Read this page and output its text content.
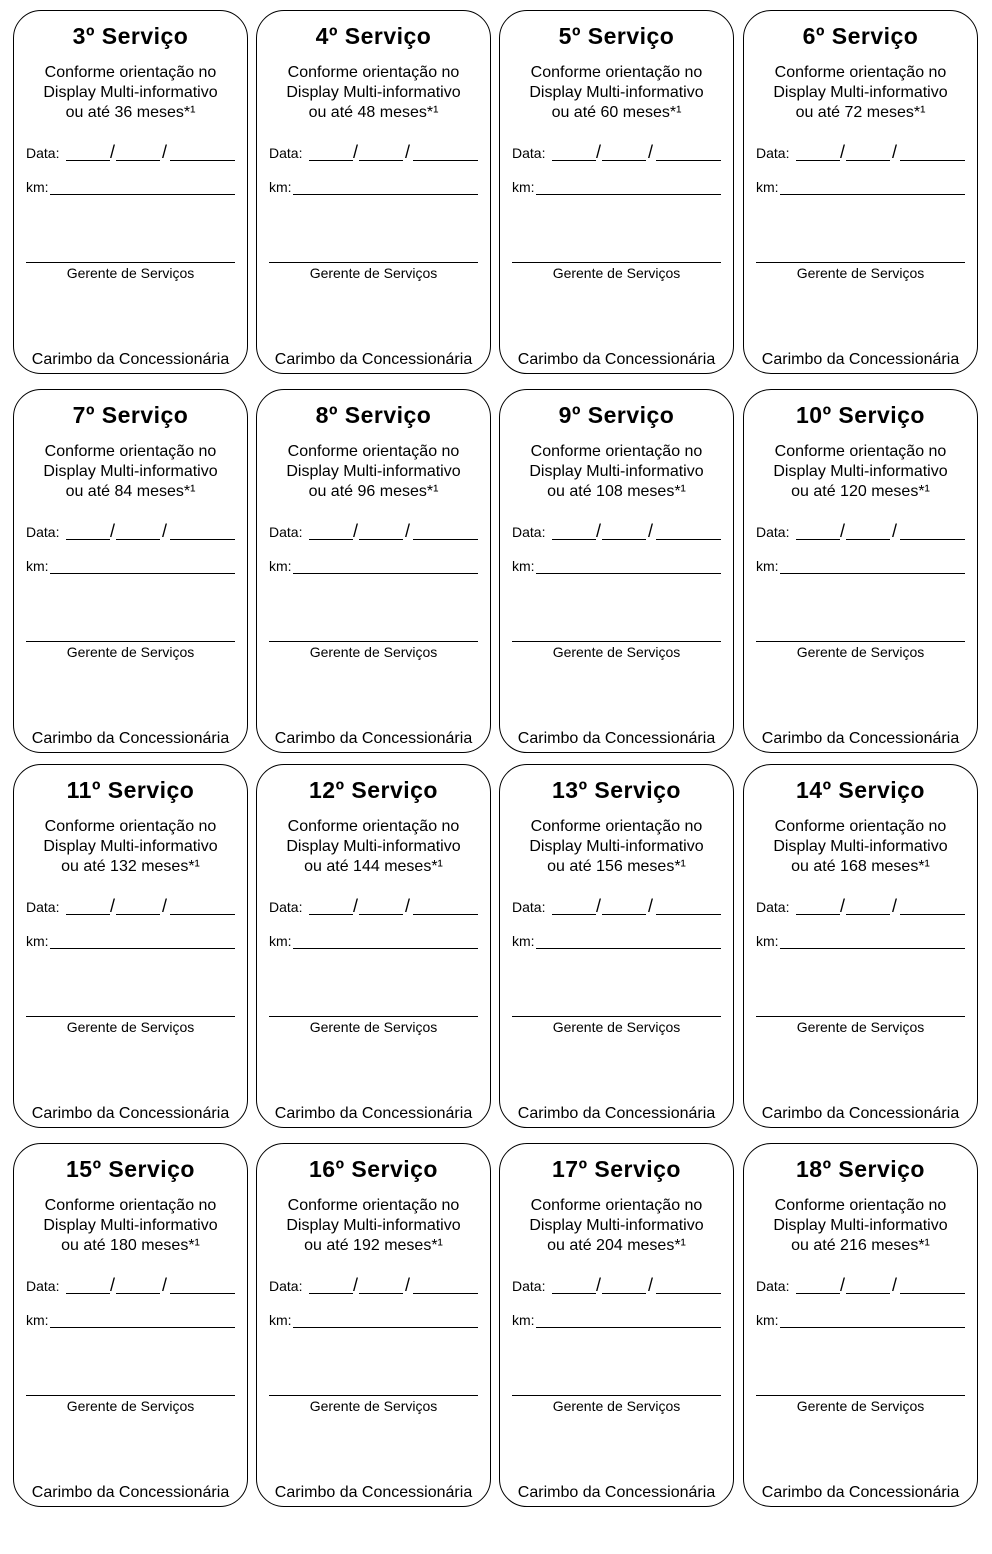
3º Serviço
Conforme orientação no
Display Multi-informativo
ou até 36 meses*¹
Data:	/	/
km:
Gerente de Serviços
Carimbo da Concessionária
4º Serviço
Conforme orientação no
Display Multi-informativo
ou até 48 meses*¹
Data:	/	/
km:
Gerente de Serviços
Carimbo da Concessionária
5º Serviço
Conforme orientação no
Display Multi-informativo
ou até 60 meses*¹
Data:	/	/
km:
Gerente de Serviços
Carimbo da Concessionária
6º Serviço
Conforme orientação no
Display Multi-informativo
ou até 72 meses*¹
Data:	/	/
km:
Gerente de Serviços
Carimbo da Concessionária
7º Serviço
Conforme orientação no
Display Multi-informativo
ou até 84 meses*¹
Data:	/	/
km:
Gerente de Serviços
Carimbo da Concessionária
8º Serviço
Conforme orientação no
Display Multi-informativo
ou até 96 meses*¹
Data:	/	/
km:
Gerente de Serviços
Carimbo da Concessionária
9º Serviço
Conforme orientação no
Display Multi-informativo
ou até 108 meses*¹
Data:	/	/
km:
Gerente de Serviços
Carimbo da Concessionária
10º Serviço
Conforme orientação no
Display Multi-informativo
ou até 120 meses*¹
Data:	/	/
km:
Gerente de Serviços
Carimbo da Concessionária
11º Serviço
Conforme orientação no
Display Multi-informativo
ou até 132 meses*¹
Data:	/	/
km:
Gerente de Serviços
Carimbo da Concessionária
12º Serviço
Conforme orientação no
Display Multi-informativo
ou até 144 meses*¹
Data:	/	/
km:
Gerente de Serviços
Carimbo da Concessionária
13º Serviço
Conforme orientação no
Display Multi-informativo
ou até 156 meses*¹
Data:	/	/
km:
Gerente de Serviços
Carimbo da Concessionária
14º Serviço
Conforme orientação no
Display Multi-informativo
ou até 168 meses*¹
Data:	/	/
km:
Gerente de Serviços
Carimbo da Concessionária
15º Serviço
Conforme orientação no
Display Multi-informativo
ou até 180 meses*¹
Data:	/	/
km:
Gerente de Serviços
Carimbo da Concessionária
16º Serviço
Conforme orientação no
Display Multi-informativo
ou até 192 meses*¹
Data:	/	/
km:
Gerente de Serviços
Carimbo da Concessionária
17º Serviço
Conforme orientação no
Display Multi-informativo
ou até 204 meses*¹
Data:	/	/
km:
Gerente de Serviços
Carimbo da Concessionária
18º Serviço
Conforme orientação no
Display Multi-informativo
ou até 216 meses*¹
Data:	/	/
km:
Gerente de Serviços
Carimbo da Concessionária
